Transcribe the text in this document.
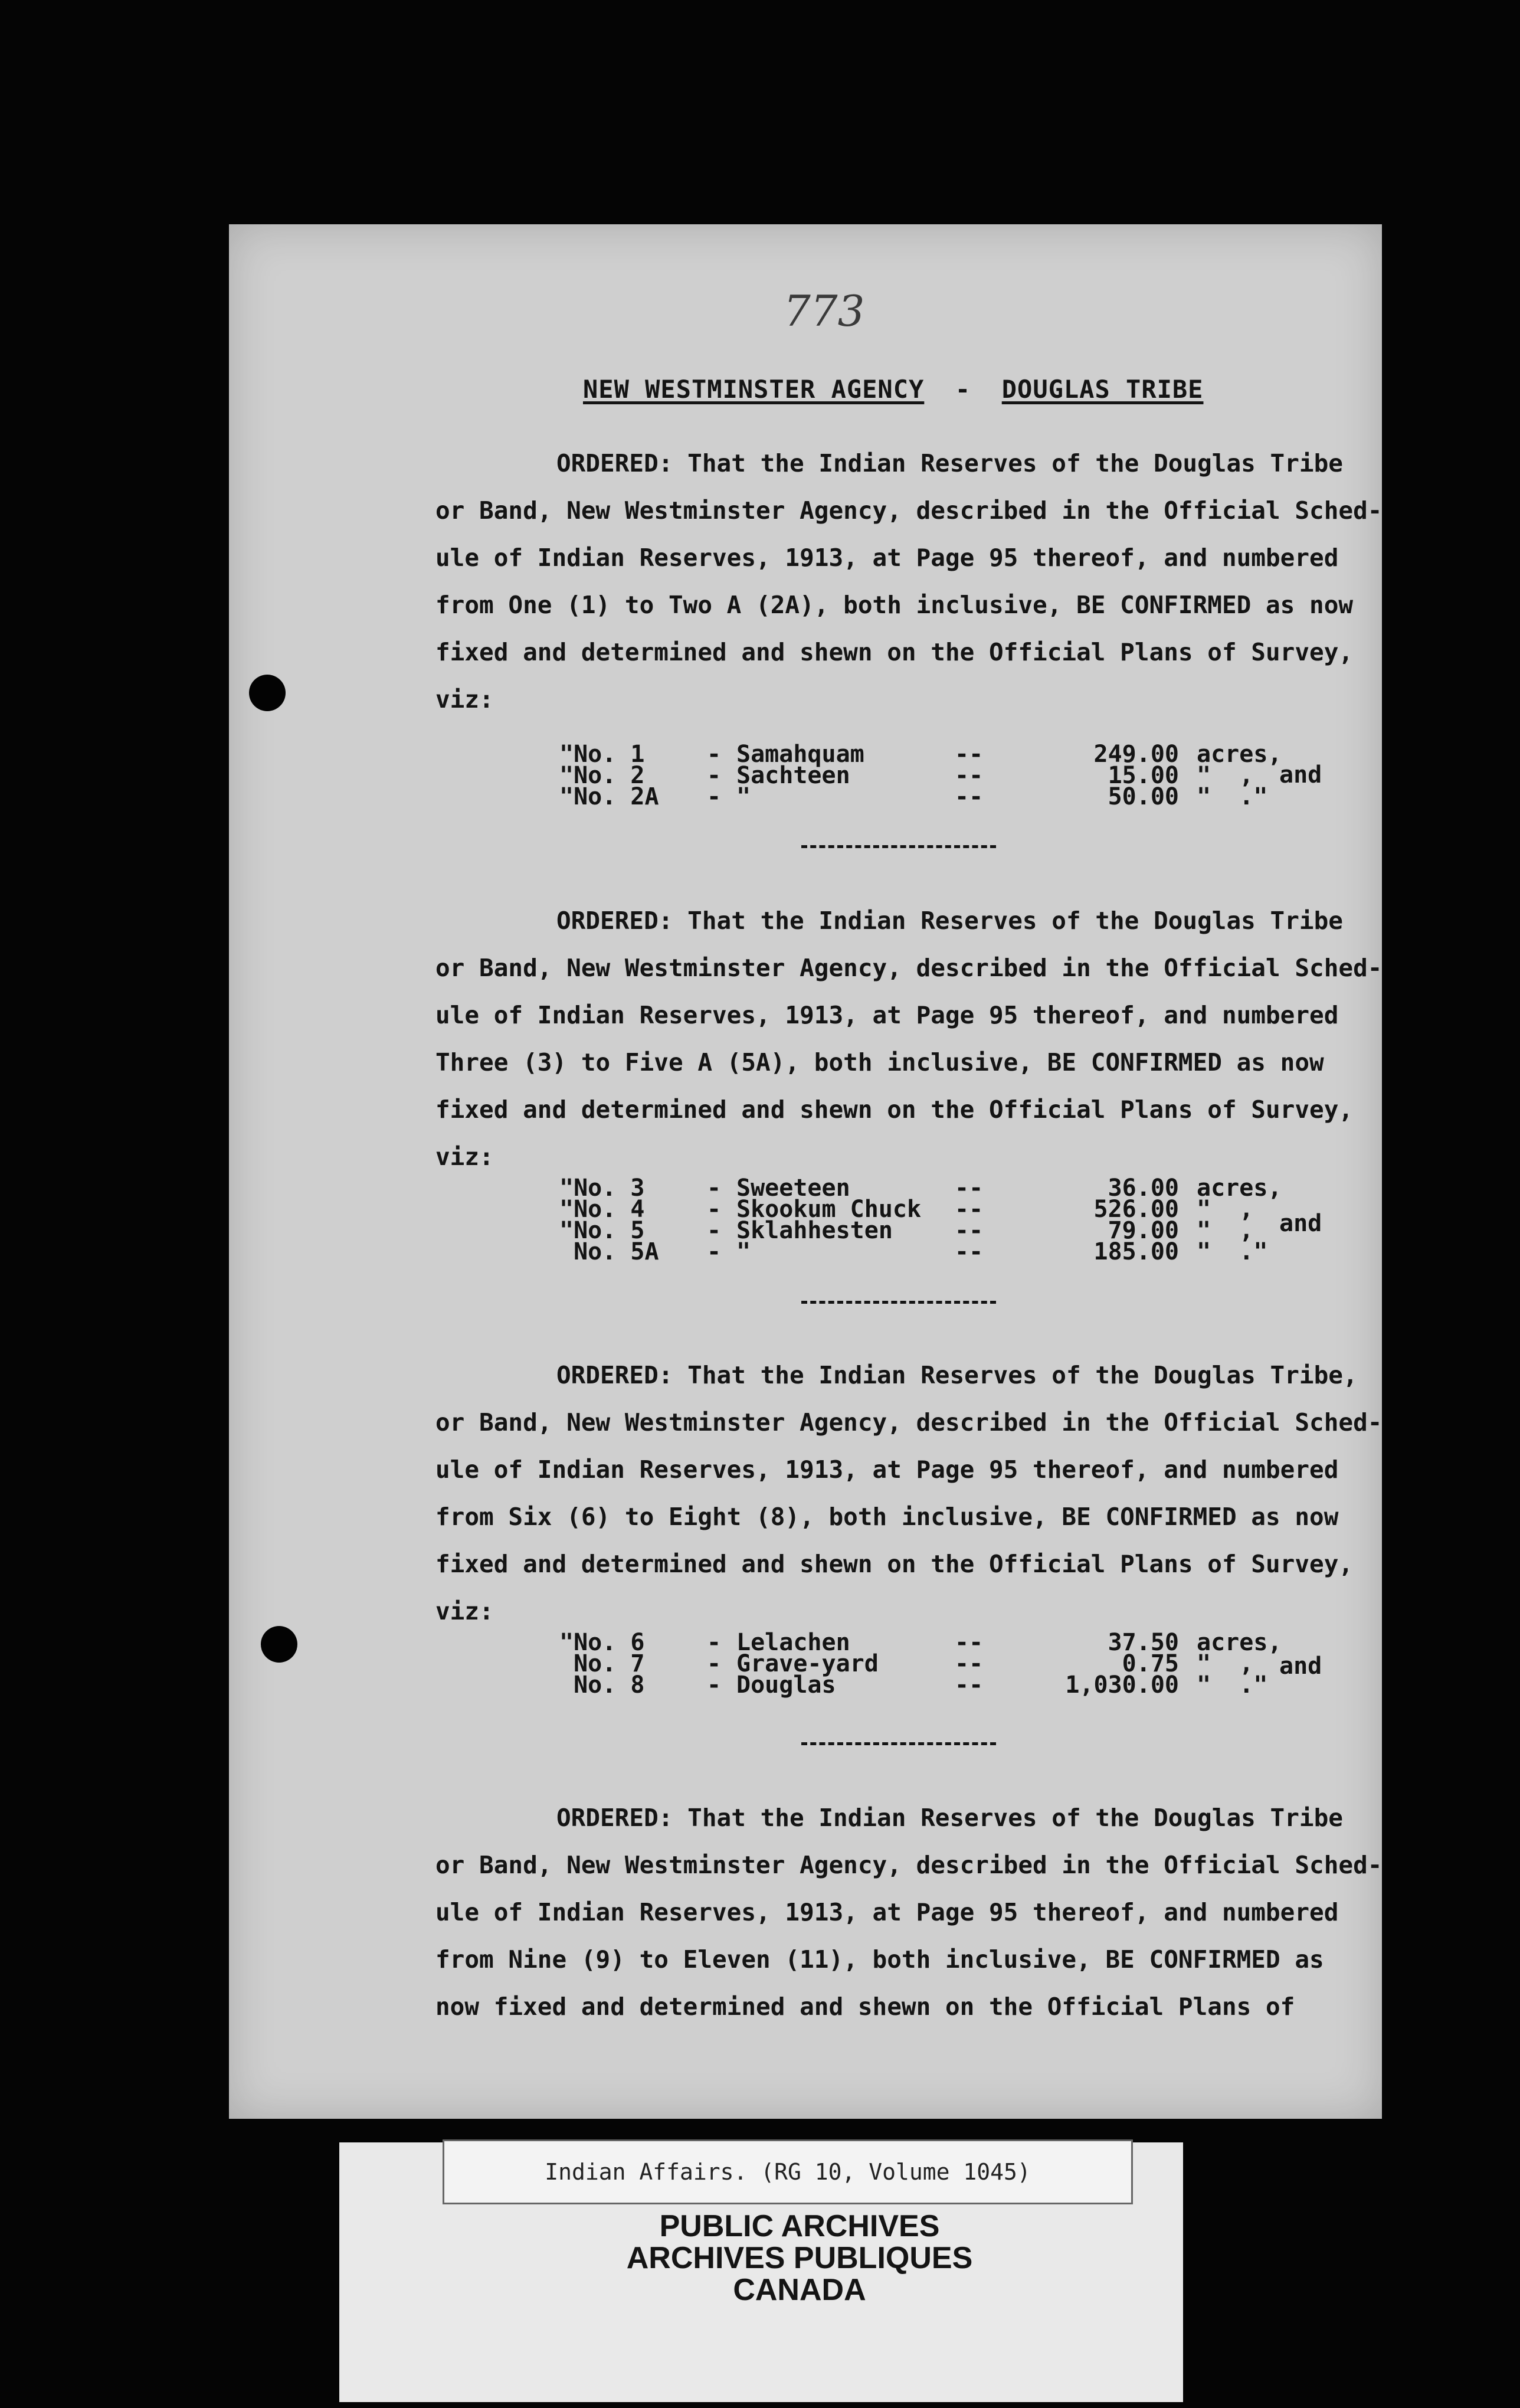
773
NEW WESTMINSTER AGENCY - DOUGLAS TRIBE
ORDERED: That the Indian Reserves of the Douglas Tribe
or Band, New Westminster Agency, described in the Official Sched-
ule of Indian Reserves, 1913, at Page 95 thereof, and numbered
from One (1) to Two A (2A), both inclusive, BE CONFIRMED as now
fixed and determined and shewn on the Official Plans of Survey,
viz:
"No. 1	- Samahquam	--	249.00 acres,
"No. 2	- Sachteen	--	15.00 "  ,
"No. 2A - "	--	50.00 "  ."
and
ORDERED: That the Indian Reserves of the Douglas Tribe
or Band, New Westminster Agency, described in the Official Sched-
ule of Indian Reserves, 1913, at Page 95 thereof, and numbered
Three (3) to Five A (5A), both inclusive, BE CONFIRMED as now
fixed and determined and shewn on the Official Plans of Survey,
viz:
"No. 3	- Sweeteen	--	36.00 acres,
"No. 4	- Skookum Chuck --	526.00 "  ,
"No. 5	- Sklahhesten	--	79.00 "  ,
No. 5A - "	--	185.00 "  ."
and
ORDERED: That the Indian Reserves of the Douglas Tribe,
or Band, New Westminster Agency, described in the Official Sched-
ule of Indian Reserves, 1913, at Page 95 thereof, and numbered
from Six (6) to Eight (8), both inclusive, BE CONFIRMED as now
fixed and determined and shewn on the Official Plans of Survey,
viz:
"No. 6	- Lelachen	--	37.50 acres,
No. 7	- Grave-yard	--	0.75 "  ,
No. 8	- Douglas	--	1,030.00 "  ."
and
ORDERED: That the Indian Reserves of the Douglas Tribe
or Band, New Westminster Agency, described in the Official Sched-
ule of Indian Reserves, 1913, at Page 95 thereof, and numbered
from Nine (9) to Eleven (11), both inclusive, BE CONFIRMED as
now fixed and determined and shewn on the Official Plans of
Indian Affairs. (RG 10, Volume 1045)
PUBLIC ARCHIVES
ARCHIVES PUBLIQUES
CANADA
